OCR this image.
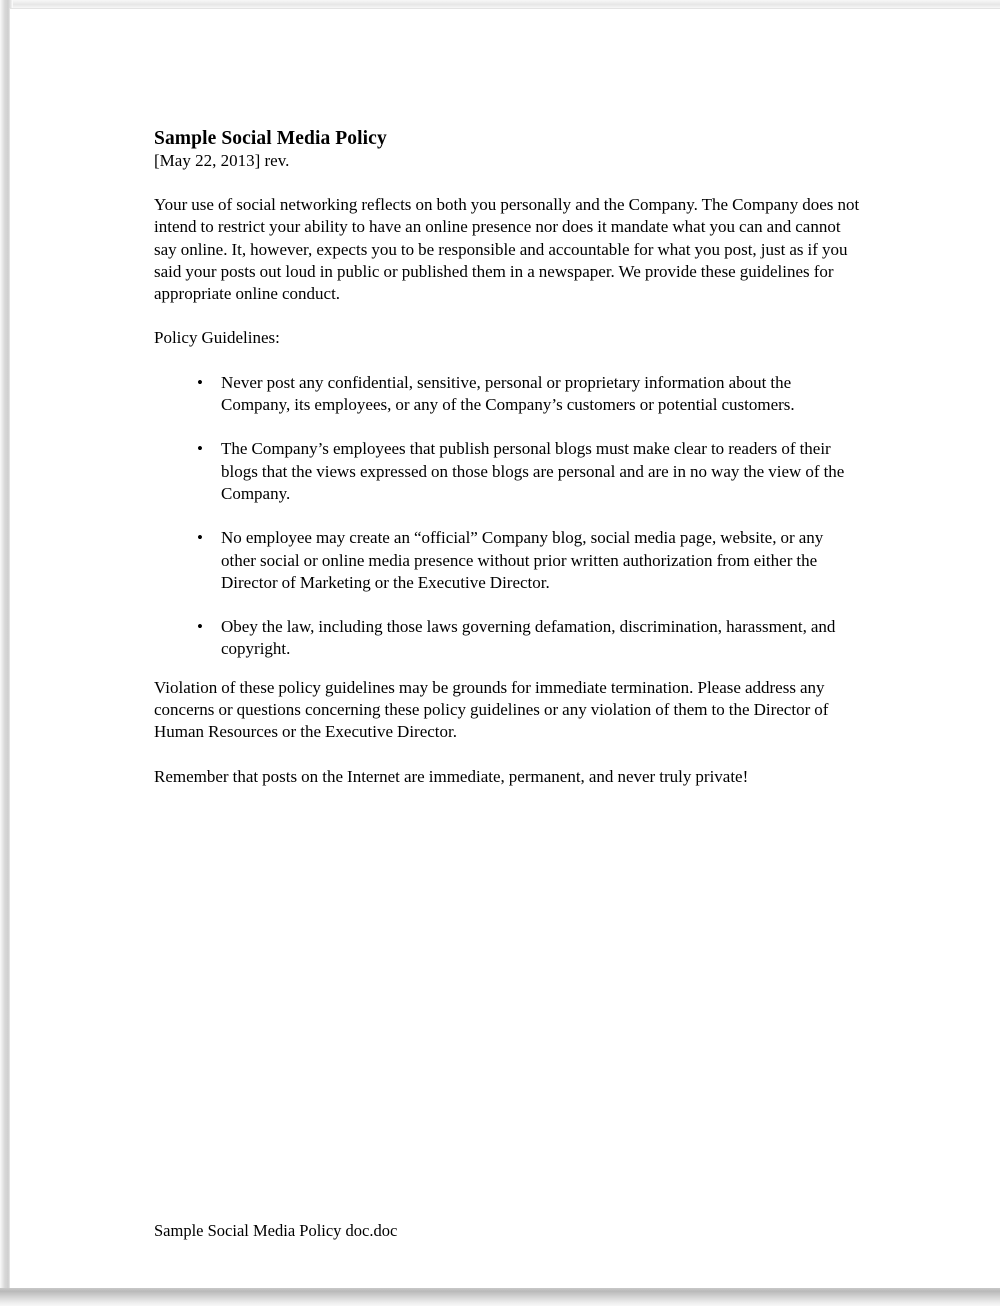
Sample Social Media Policy

[May 22, 2013] rev.

Your use of social networking reflects on both you personally and the Company. The Company does not intend to restrict your ability to have an online presence nor does it mandate what you can and cannot say online. It, however, expects you to be responsible and accountable for what you post, just as if you said your posts out loud in public or published them in a newspaper. We provide these guidelines for appropriate online conduct.

Policy Guidelines:

• Never post any confidential, sensitive, personal or proprietary information about the Company, its employees, or any of the Company’s customers or potential customers.
• The Company’s employees that publish personal blogs must make clear to readers of their blogs that the views expressed on those blogs are personal and are in no way the view of the Company.
• No employee may create an “official” Company blog, social media page, website, or any other social or online media presence without prior written authorization from either the Director of Marketing or the Executive Director.
• Obey the law, including those laws governing defamation, discrimination, harassment, and copyright.

Violation of these policy guidelines may be grounds for immediate termination. Please address any concerns or questions concerning these policy guidelines or any violation of them to the Director of Human Resources or the Executive Director.

Remember that posts on the Internet are immediate, permanent, and never truly private!

Sample Social Media Policy doc.doc
